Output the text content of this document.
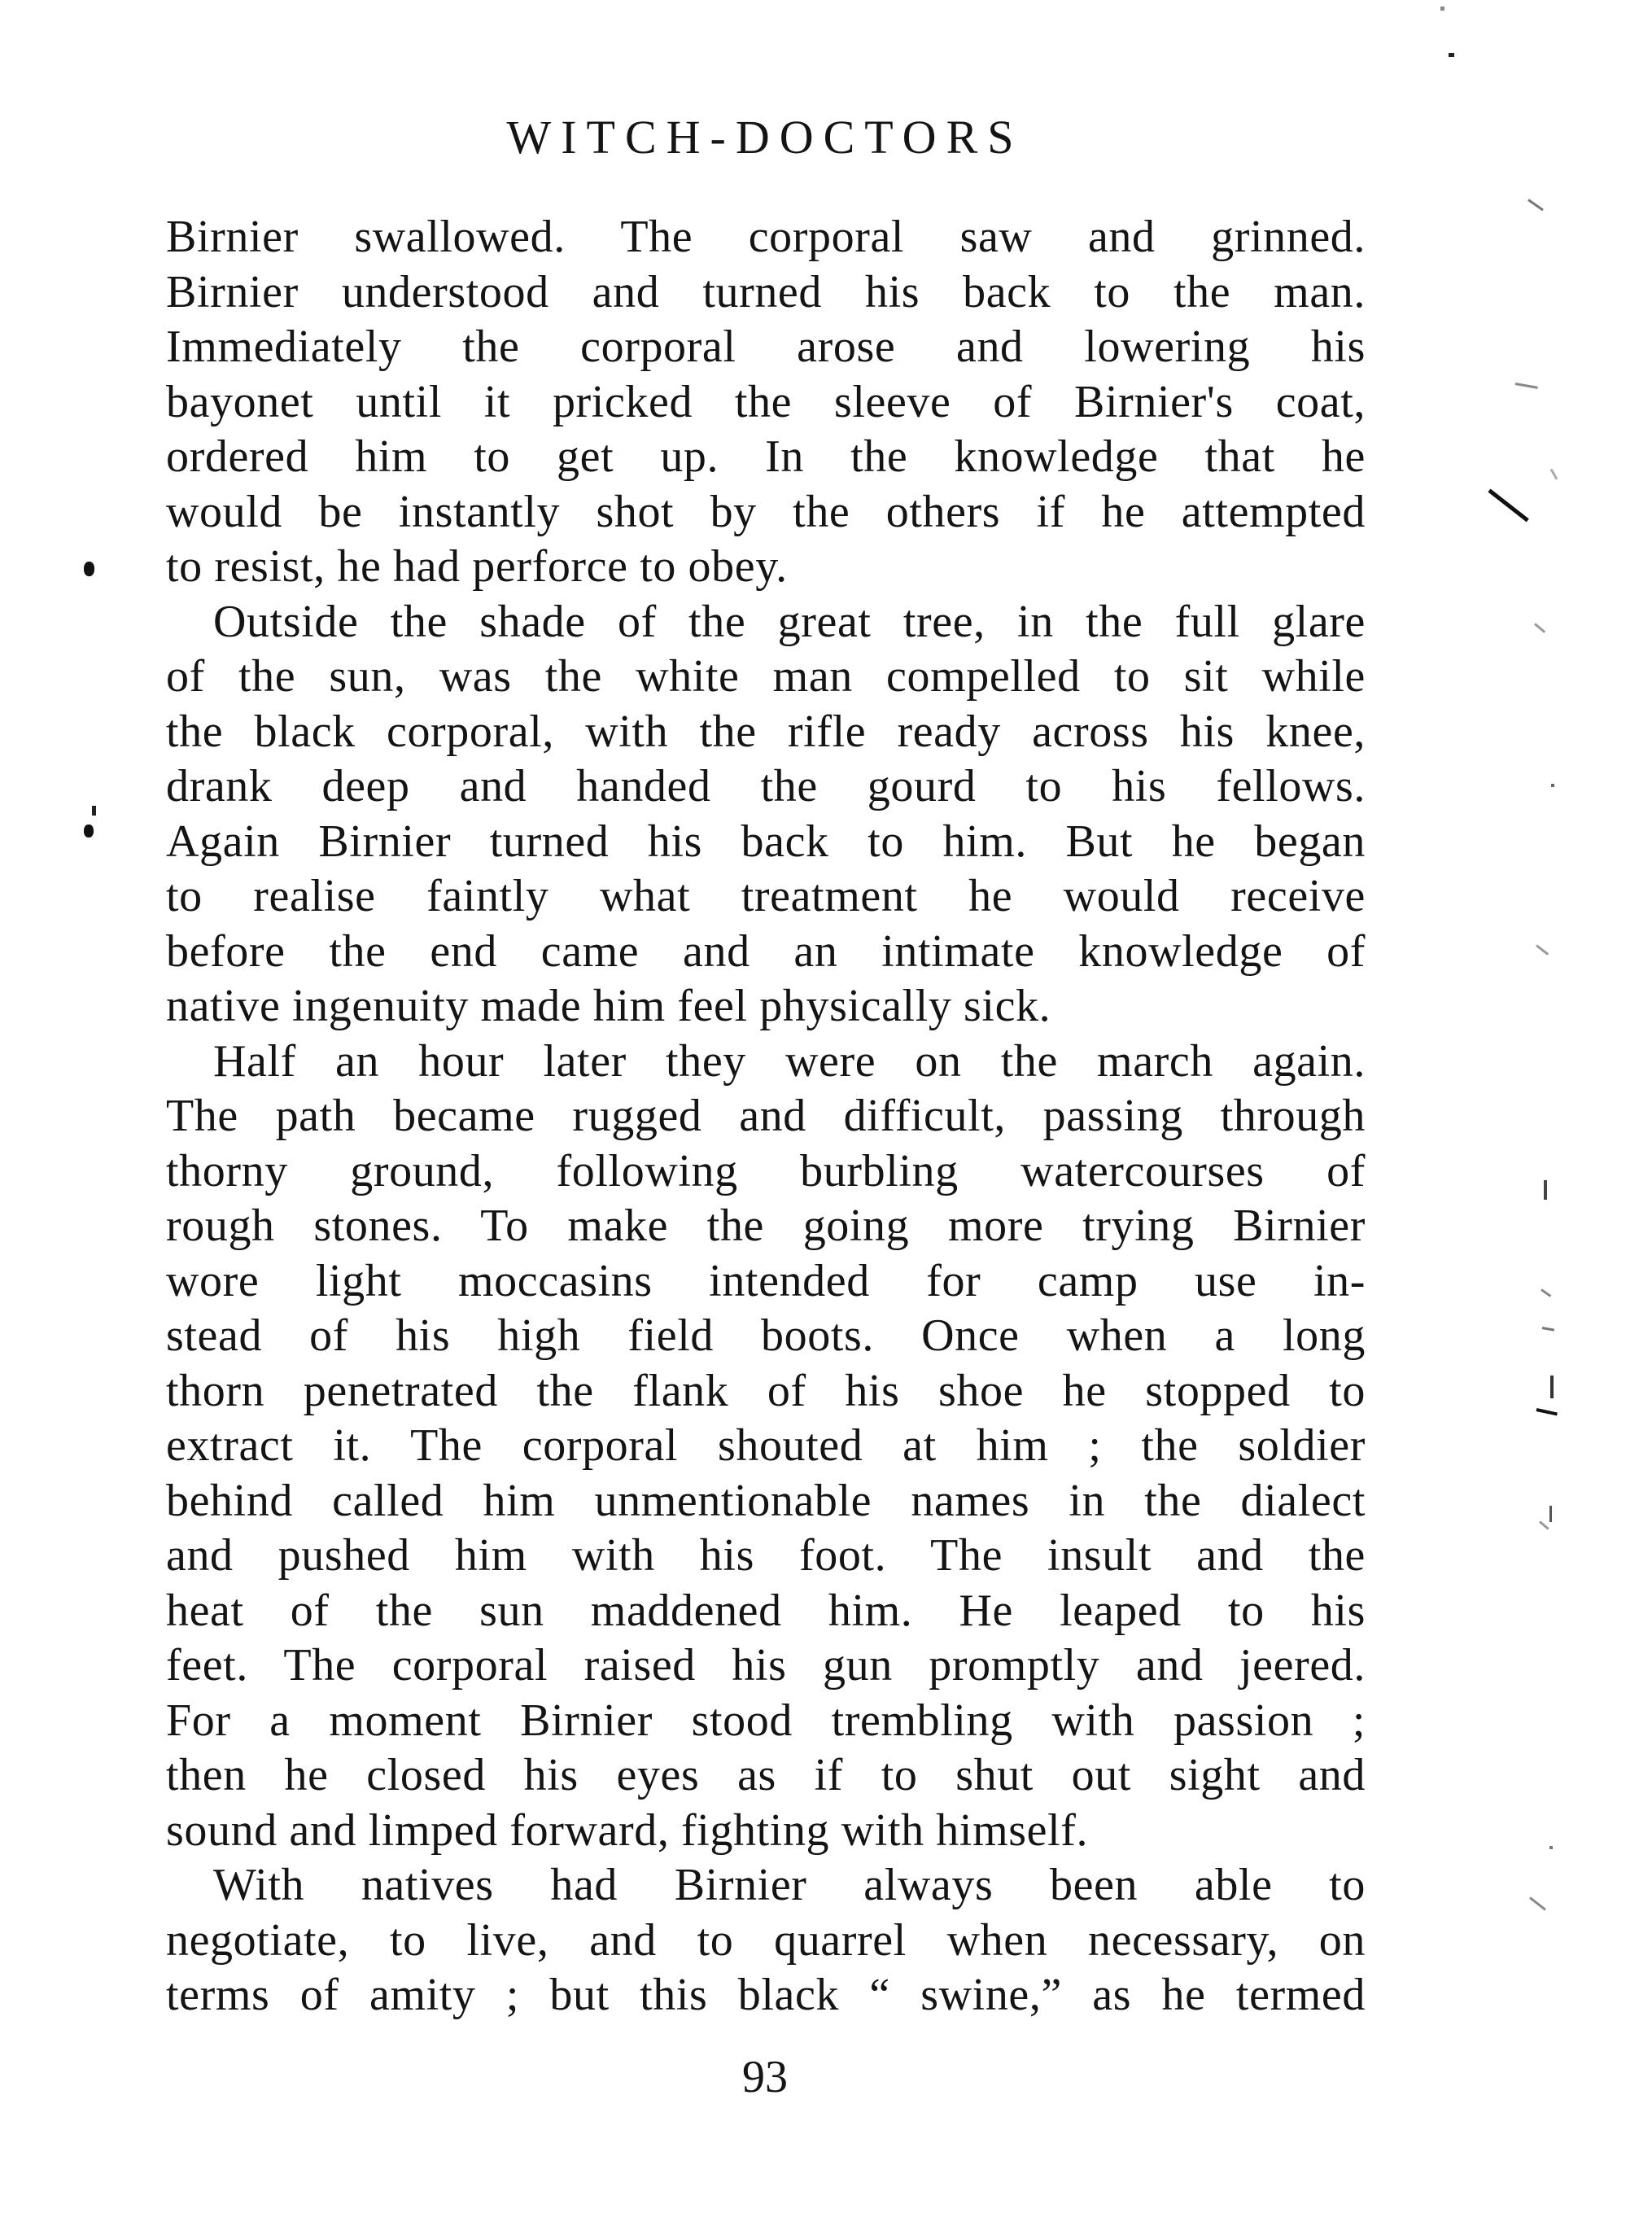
WITCH-DOCTORS
Birnier swallowed. The corporal saw and grinned.
Birnier understood and turned his back to the man.
Immediately the corporal arose and lowering his
bayonet until it pricked the sleeve of Birnier's coat,
ordered him to get up. In the knowledge that he
would be instantly shot by the others if he attempted
to resist, he had perforce to obey.
Outside the shade of the great tree, in the full glare
of the sun, was the white man compelled to sit while
the black corporal, with the rifle ready across his knee,
drank deep and handed the gourd to his fellows.
Again Birnier turned his back to him. But he began
to realise faintly what treatment he would receive
before the end came and an intimate knowledge of
native ingenuity made him feel physically sick.
Half an hour later they were on the march again.
The path became rugged and difficult, passing through
thorny ground, following burbling watercourses of
rough stones. To make the going more trying Birnier
wore light moccasins intended for camp use in-
stead of his high field boots. Once when a long
thorn penetrated the flank of his shoe he stopped to
extract it. The corporal shouted at him ; the soldier
behind called him unmentionable names in the dialect
and pushed him with his foot. The insult and the
heat of the sun maddened him. He leaped to his
feet. The corporal raised his gun promptly and jeered.
For a moment Birnier stood trembling with passion ;
then he closed his eyes as if to shut out sight and
sound and limped forward, fighting with himself.
With natives had Birnier always been able to
negotiate, to live, and to quarrel when necessary, on
terms of amity ; but this black “ swine,” as he termed
93
